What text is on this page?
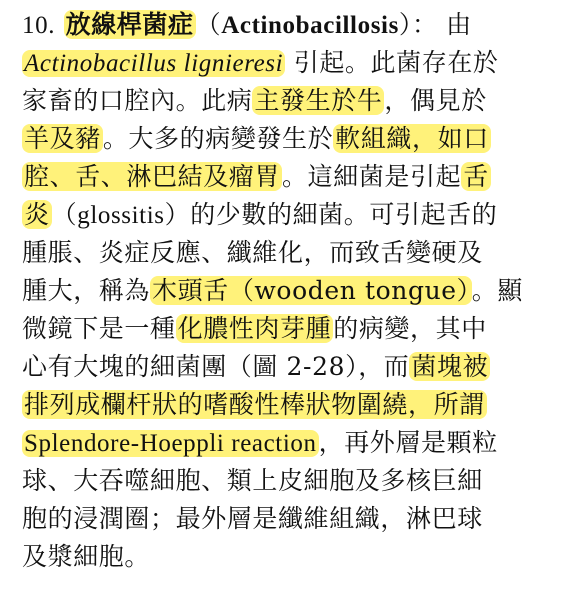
10. 放線桿菌症（Actinobacillosis）： 由
Actinobacillus lignieresi 引起。此菌存在於
家畜的口腔內。此病主發生於牛，偶見於
羊及豬。大多的病變發生於軟組織，如口
腔、舌、淋巴結及瘤胃。這細菌是引起舌
炎（glossitis）的少數的細菌。可引起舌的
腫脹、炎症反應、纖維化，而致舌變硬及
腫大，稱為木頭舌（wooden tongue）。顯
微鏡下是一種化膿性肉芽腫的病變，其中
心有大塊的細菌團（圖 2-28），而菌塊被
排列成欄杆狀的嗜酸性棒狀物圍繞，所謂
Splendore-Hoeppli reaction，再外層是顆粒
球、大吞噬細胞、類上皮細胞及多核巨細
胞的浸潤圈；最外層是纖維組織，淋巴球
及漿細胞。
